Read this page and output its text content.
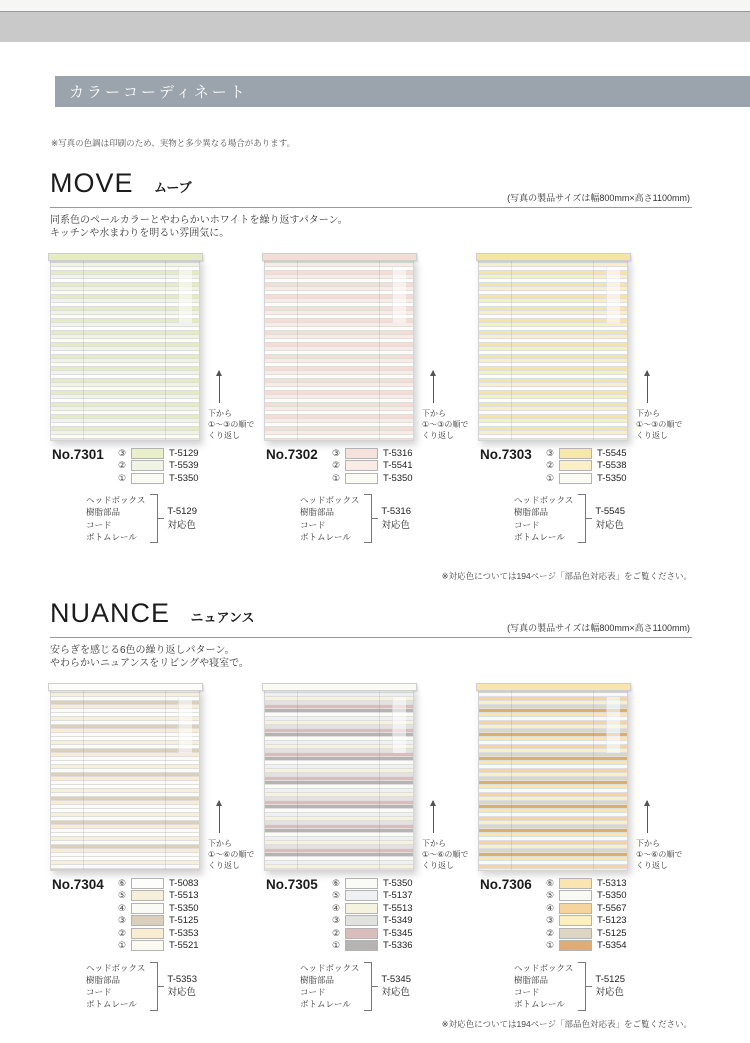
カラーコーディネート
※写真の色調は印刷のため、実物と多少異なる場合があります。
MOVE ムーブ
(写真の製品サイズは幅800mm×高さ1100mm)
同系色のペールカラーとやわらかいホワイトを繰り返すパターン。
キッチンや水まわりを明るい雰囲気に。
下から
①～③の順で
くり返し
No.7301 ③	T-5129
②	T-5539
①	T-5350
ヘッドボックス
樹脂部品
コード
ボトムレール
T-5129
対応色
下から
①～③の順で
くり返し
No.7302 ③	T-5316
②	T-5541
①	T-5350
ヘッドボックス
樹脂部品
コード
ボトムレール
T-5316
対応色
下から
①～③の順で
くり返し
No.7303 ③	T-5545
②	T-5538
①	T-5350
ヘッドボックス
樹脂部品
コード
ボトムレール
T-5545
対応色
※対応色については194ページ「部品色対応表」をご覧ください。
NUANCE ニュアンス
(写真の製品サイズは幅800mm×高さ1100mm)
安らぎを感じる6色の繰り返しパターン。
やわらかいニュアンスをリビングや寝室で。
下から
①～⑥の順で
くり返し
No.7304 ⑥	T-5083
⑤	T-5513
④	T-5350
③	T-5125
②	T-5353
①	T-5521
ヘッドボックス
樹脂部品
コード
ボトムレール
T-5353
対応色
下から
①～⑥の順で
くり返し
No.7305 ⑥	T-5350
⑤	T-5137
④	T-5513
③	T-5349
②	T-5345
①	T-5336
ヘッドボックス
樹脂部品
コード
ボトムレール
T-5345
対応色
下から
①～⑥の順で
くり返し
No.7306 ⑥	T-5313
⑤	T-5350
④	T-5567
③	T-5123
②	T-5125
①	T-5354
ヘッドボックス
樹脂部品
コード
ボトムレール
T-5125
対応色
※対応色については194ページ「部品色対応表」をご覧ください。
